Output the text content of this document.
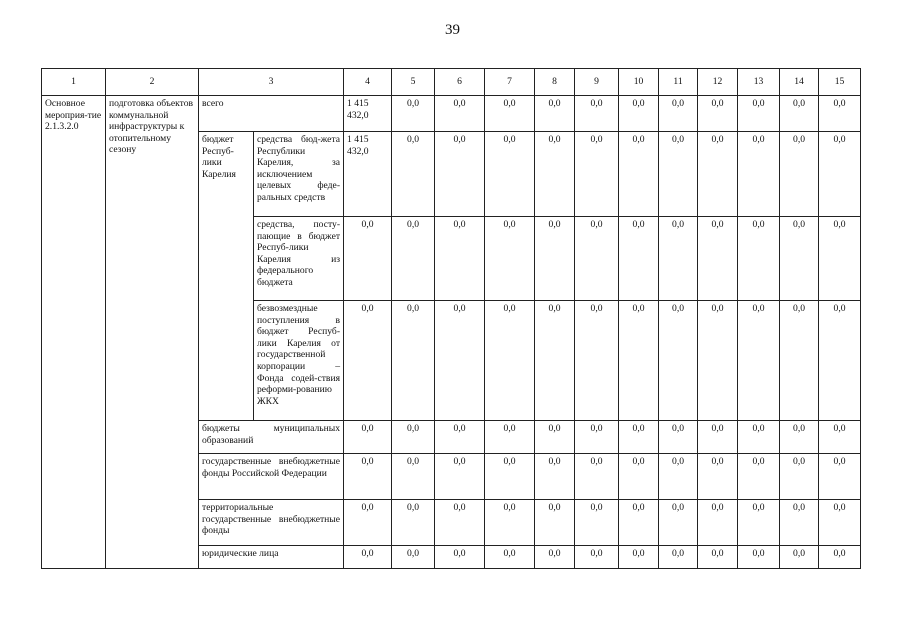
39
1	2	3		4	5	6	7	8	9	10	11	12	13	14	15
Основное мероприя-тие 2.1.3.2.0	подготовка объектов коммунальной инфраструктуры к отопительному сезону	всего		1 415 432,0	0,0	0,0	0,0	0,0	0,0	0,0	0,0	0,0	0,0	0,0	0,0
		бюджет Респуб-лики Карелия	средства бюд-жета Республики Карелия, за исключением целевых феде-ральных средств	1 415 432,0	0,0	0,0	0,0	0,0	0,0	0,0	0,0	0,0	0,0	0,0	0,0
			средства, посту-пающие в бюджет Респуб-лики Карелия из федерального бюджета	0,0	0,0	0,0	0,0	0,0	0,0	0,0	0,0	0,0	0,0	0,0	0,0
			безвозмездные поступления в бюджет Респуб-лики Карелия от государственной корпорации – Фонда содей-ствия реформи-рованию ЖКХ	0,0	0,0	0,0	0,0	0,0	0,0	0,0	0,0	0,0	0,0	0,0	0,0
		бюджеты муниципальных образований		0,0	0,0	0,0	0,0	0,0	0,0	0,0	0,0	0,0	0,0	0,0	0,0
		государственные внебюджетные фонды Российской Федерации		0,0	0,0	0,0	0,0	0,0	0,0	0,0	0,0	0,0	0,0	0,0	0,0
		территориальные государственные внебюджетные фонды		0,0	0,0	0,0	0,0	0,0	0,0	0,0	0,0	0,0	0,0	0,0	0,0
		юридические лица		0,0	0,0	0,0	0,0	0,0	0,0	0,0	0,0	0,0	0,0	0,0	0,0
